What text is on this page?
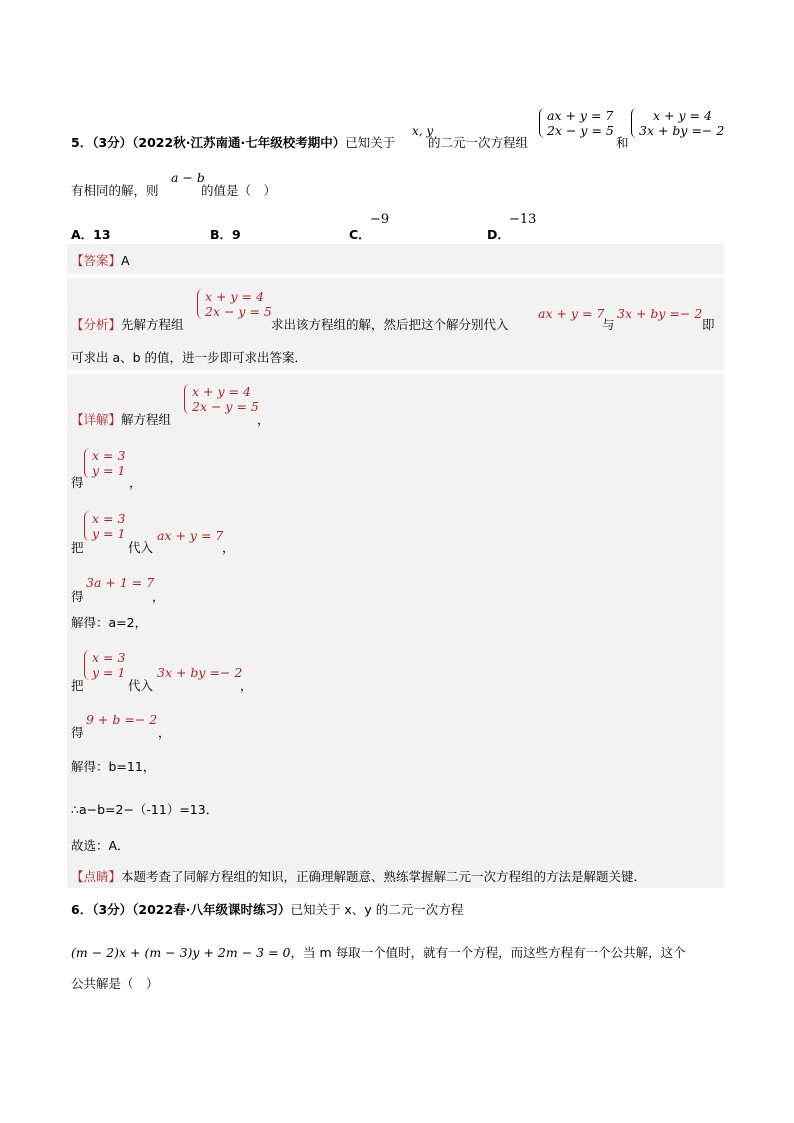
5．（3分）（2022秋·江苏南通·七年级校考期中）已知关于
x, y
的二元一次方程组
ax + y = 7
2x − y = 5
和
x + y = 4
3x + by =− 2
有相同的解，则
a − b
的值是（　）
A．13	B．9	C．
−9
D．
−13
【答案】A
【分析】先解方程组
x + y = 4
2x − y = 5
求出该方程组的解，然后把这个解分别代入
ax + y = 7
与
3x + by =− 2
即
可求出 a、b 的值，进一步即可求出答案．
【详解】解方程组
x + y = 4
2x − y = 5
，
得
x = 3
y = 1
，
把
x = 3
y = 1
代入
ax + y = 7
，
得
3a + 1 = 7
，
解得：a=2，
把
x = 3
y = 1
代入
3x + by =− 2
，
得
9 + b =− 2
，
解得：b=11，
∴a−b=2−（-11）=13．
故选：A．
【点睛】本题考查了同解方程组的知识，正确理解题意、熟练掌握解二元一次方程组的方法是解题关键．
6．（3分）（2022春·八年级课时练习）已知关于 x、y 的二元一次方程
(m − 2)x + (m − 3)y + 2m − 3 = 0，当 m 每取一个值时，就有一个方程，而这些方程有一个公共解，这个
公共解是（　）
